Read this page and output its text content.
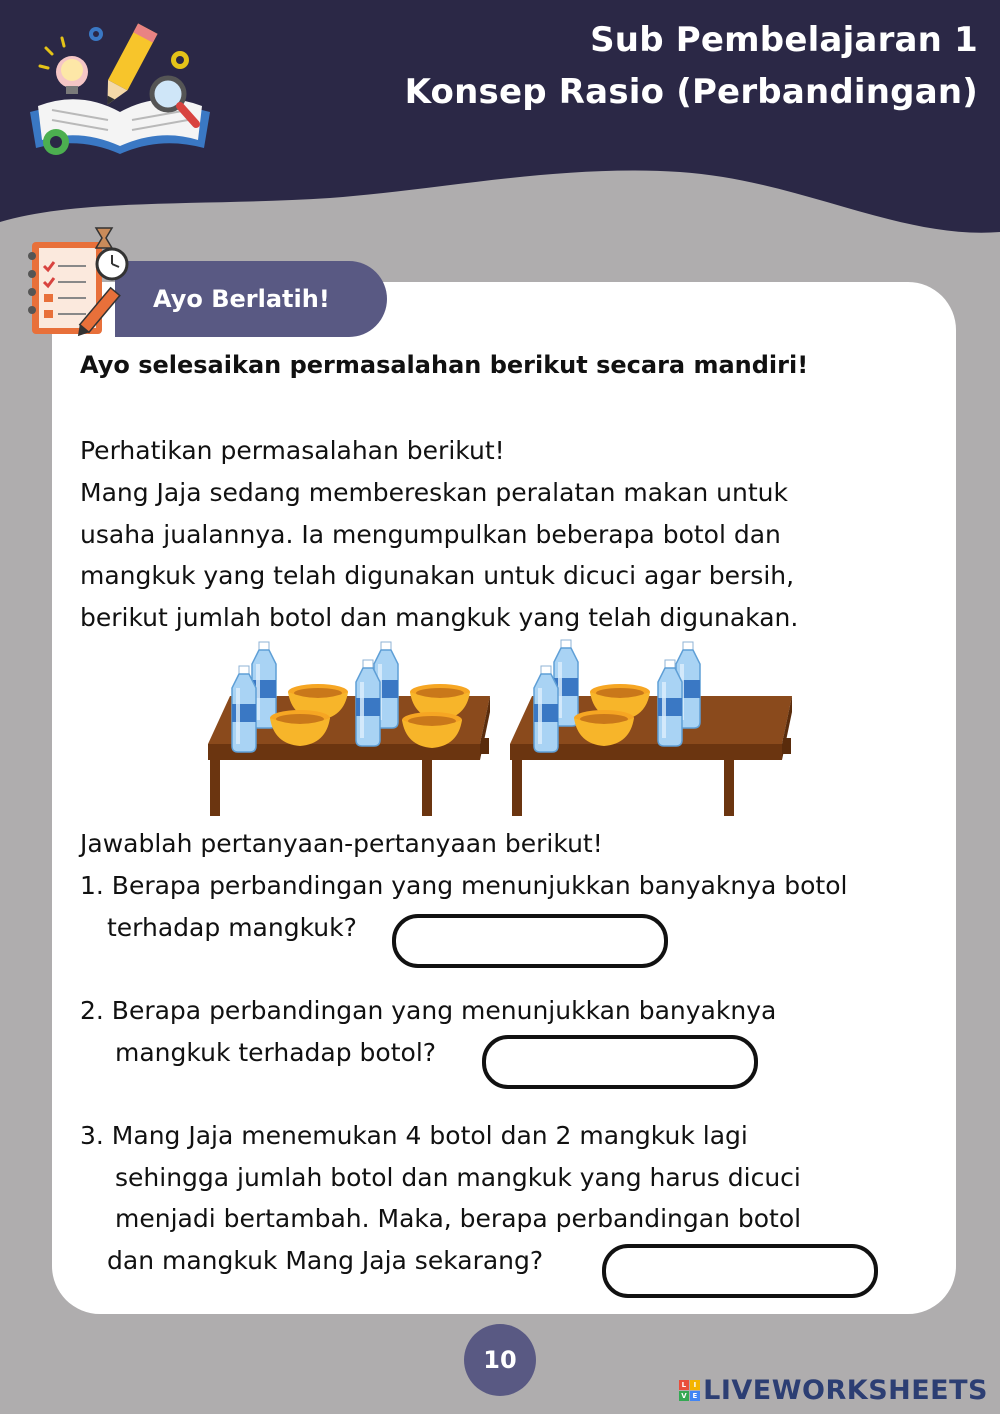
Sub Pembelajaran 1
Konsep Rasio (Perbandingan)
Ayo Berlatih!
Ayo selesaikan permasalahan berikut secara mandiri!
Perhatikan permasalahan berikut!
Mang Jaja sedang membereskan peralatan makan untuk
usaha jualannya. Ia mengumpulkan beberapa botol dan
mangkuk yang telah digunakan untuk dicuci agar bersih,
berikut jumlah botol dan mangkuk yang telah digunakan.
Jawablah pertanyaan-pertanyaan berikut!
1. Berapa perbandingan yang menunjukkan banyaknya botol
terhadap mangkuk?
2. Berapa perbandingan yang menunjukkan banyaknya
mangkuk terhadap botol?
3. Mang Jaja menemukan 4 botol dan 2 mangkuk lagi
sehingga jumlah botol dan mangkuk yang harus dicuci
menjadi bertambah. Maka, berapa perbandingan botol
dan mangkuk Mang Jaja sekarang?
10
L I
V E LIVEWORKSHEETS
